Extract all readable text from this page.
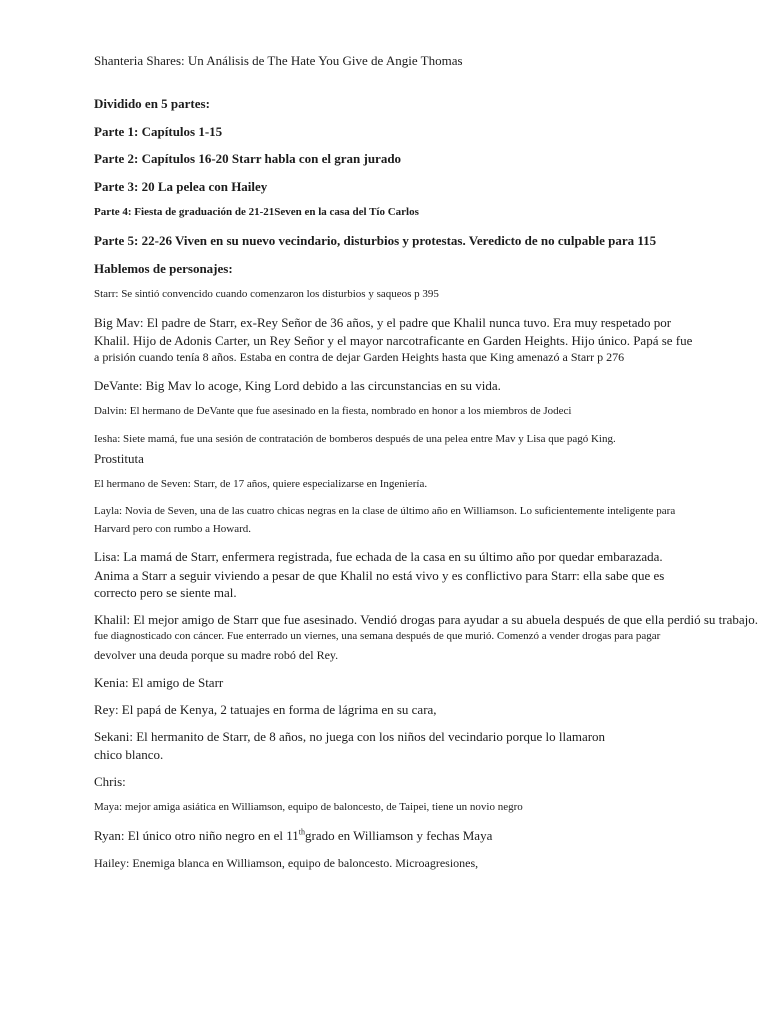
Shanteria Shares: Un Análisis de The Hate You Give de Angie Thomas
Dividido en 5 partes:
Parte 1: Capítulos 1-15
Parte 2: Capítulos 16-20 Starr habla con el gran jurado
Parte 3: 20 La pelea con Hailey
Parte 4: Fiesta de graduación de 21-21Seven en la casa del Tío Carlos
Parte 5: 22-26 Viven en su nuevo vecindario, disturbios y protestas. Veredicto de no culpable para 115
Hablemos de personajes:
Starr: Se sintió convencido cuando comenzaron los disturbios y saqueos p 395
Big Mav: El padre de Starr, ex-Rey Señor de 36 años, y el padre que Khalil nunca tuvo. Era muy respetado por
Khalil. Hijo de Adonis Carter, un Rey Señor y el mayor narcotraficante en Garden Heights. Hijo único. Papá se fue
a prisión cuando tenía 8 años. Estaba en contra de dejar Garden Heights hasta que King amenazó a Starr p 276
DeVante: Big Mav lo acoge, King Lord debido a las circunstancias en su vida.
Dalvin: El hermano de DeVante que fue asesinado en la fiesta, nombrado en honor a los miembros de Jodeci
Iesha: Siete mamá, fue una sesión de contratación de bomberos después de una pelea entre Mav y Lisa que pagó King.
Prostituta
El hermano de Seven: Starr, de 17 años, quiere especializarse en Ingeniería.
Layla: Novia de Seven, una de las cuatro chicas negras en la clase de último año en Williamson. Lo suficientemente inteligente para
Harvard pero con rumbo a Howard.
Lisa: La mamá de Starr, enfermera registrada, fue echada de la casa en su último año por quedar embarazada.
Anima a Starr a seguir viviendo a pesar de que Khalil no está vivo y es conflictivo para Starr: ella sabe que es
correcto pero se siente mal.
Khalil: El mejor amigo de Starr que fue asesinado. Vendió drogas para ayudar a su abuela después de que ella perdió su trabajo.
fue diagnosticado con cáncer. Fue enterrado un viernes, una semana después de que murió. Comenzó a vender drogas para pagar
devolver una deuda porque su madre robó del Rey.
Kenia: El amigo de Starr
Rey: El papá de Kenya, 2 tatuajes en forma de lágrima en su cara,
Sekani: El hermanito de Starr, de 8 años, no juega con los niños del vecindario porque lo llamaron
chico blanco.
Chris:
Maya: mejor amiga asiática en Williamson, equipo de baloncesto, de Taipei, tiene un novio negro
Ryan: El único otro niño negro en el 11thgrado en Williamson y fechas Maya
Hailey: Enemiga blanca en Williamson, equipo de baloncesto. Microagresiones,
